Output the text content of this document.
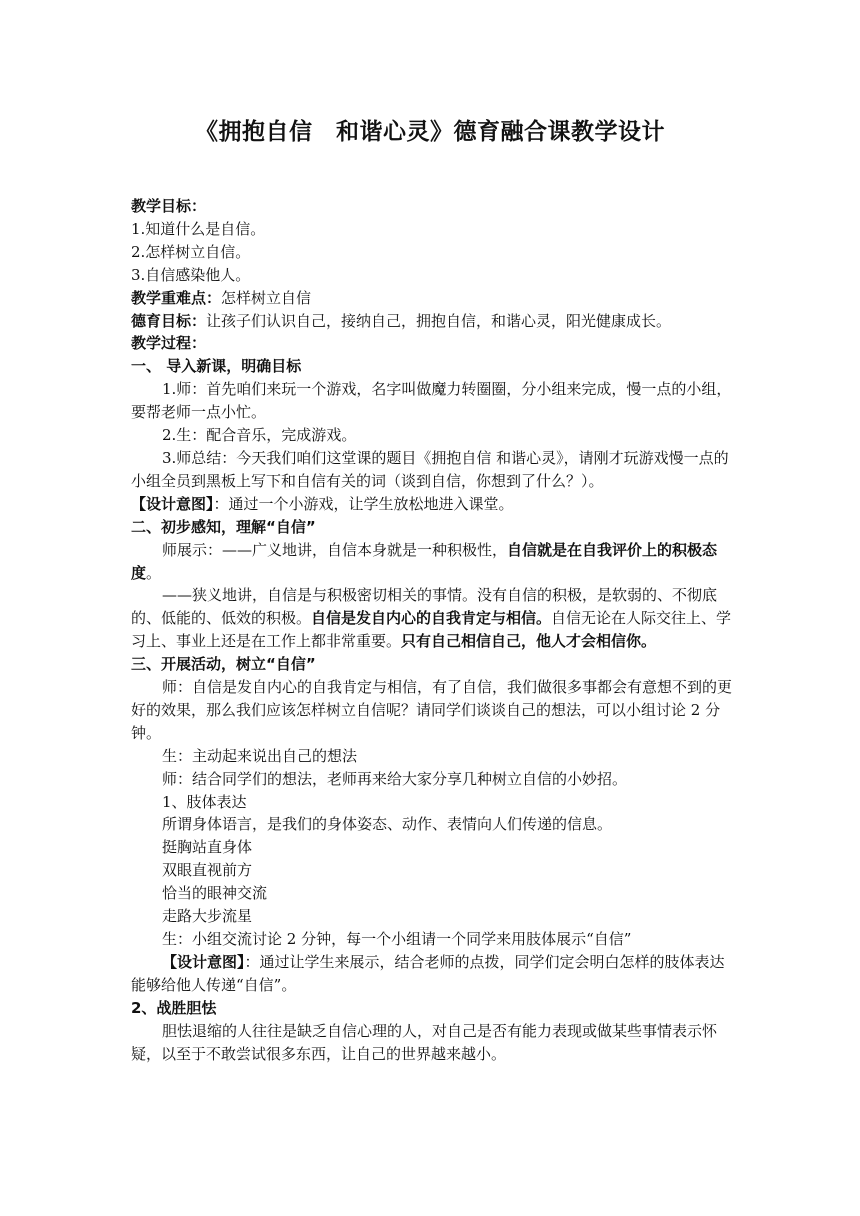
《拥抱自信　和谐心灵》德育融合课教学设计

教学目标：

1.知道什么是自信。

2.怎样树立自信。

3.自信感染他人。

教学重难点：怎样树立自信

德育目标：让孩子们认识自己，接纳自己，拥抱自信，和谐心灵，阳光健康成长。

教学过程：

一、 导入新课，明确目标

1.师：首先咱们来玩一个游戏，名字叫做魔力转圈圈，分小组来完成，慢一点的小组，要帮老师一点小忙。

2.生：配合音乐，完成游戏。

3.师总结：今天我们咱们这堂课的题目《拥抱自信 和谐心灵》，请刚才玩游戏慢一点的小组全员到黑板上写下和自信有关的词（谈到自信，你想到了什么？）。

【设计意图】：通过一个小游戏，让学生放松地进入课堂。

二、初步感知，理解“自信”

师展示：——广义地讲，自信本身就是一种积极性，自信就是在自我评价上的积极态度。

——狭义地讲，自信是与积极密切相关的事情。没有自信的积极，是软弱的、不彻底的、低能的、低效的积极。自信是发自内心的自我肯定与相信。自信无论在人际交往上、学习上、事业上还是在工作上都非常重要。只有自己相信自己，他人才会相信你。

三、开展活动，树立“自信”

师：自信是发自内心的自我肯定与相信，有了自信，我们做很多事都会有意想不到的更好的效果，那么我们应该怎样树立自信呢？请同学们谈谈自己的想法，可以小组讨论 2 分钟。

生：主动起来说出自己的想法

师：结合同学们的想法，老师再来给大家分享几种树立自信的小妙招。

1、肢体表达

所谓身体语言，是我们的身体姿态、动作、表情向人们传递的信息。

挺胸站直身体

双眼直视前方

恰当的眼神交流

走路大步流星

生：小组交流讨论 2 分钟，每一个小组请一个同学来用肢体展示“自信”

【设计意图】：通过让学生来展示，结合老师的点拨，同学们定会明白怎样的肢体表达能够给他人传递“自信”。

2、战胜胆怯

胆怯退缩的人往往是缺乏自信心理的人，对自己是否有能力表现或做某些事情表示怀疑，以至于不敢尝试很多东西，让自己的世界越来越小。
